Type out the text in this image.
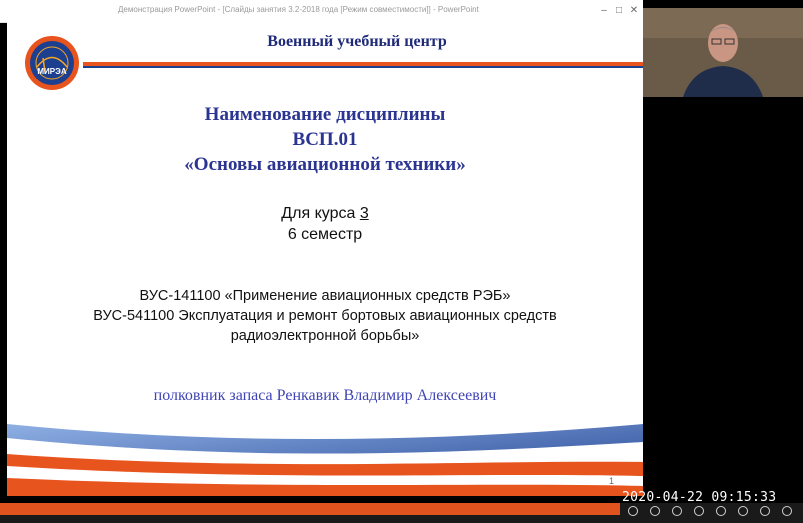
Демонстрация PowerPoint - [Слайды занятия 3.2-2018 года [Режим совместимости]] - PowerPoint	– □ ✕
МИРЭА
Военный учебный центр
Наименование дисциплины
ВСП.01
«Основы авиационной техники»
Для курса 3
6 семестр
ВУС-141100 «Применение авиационных средств РЭБ»
ВУС-541100 Эксплуатация и ремонт бортовых авиационных средств
радиоэлектронной борьбы»
полковник запаса Ренкавик Владимир Алексеевич
1
2020-04-22 09:15:33
